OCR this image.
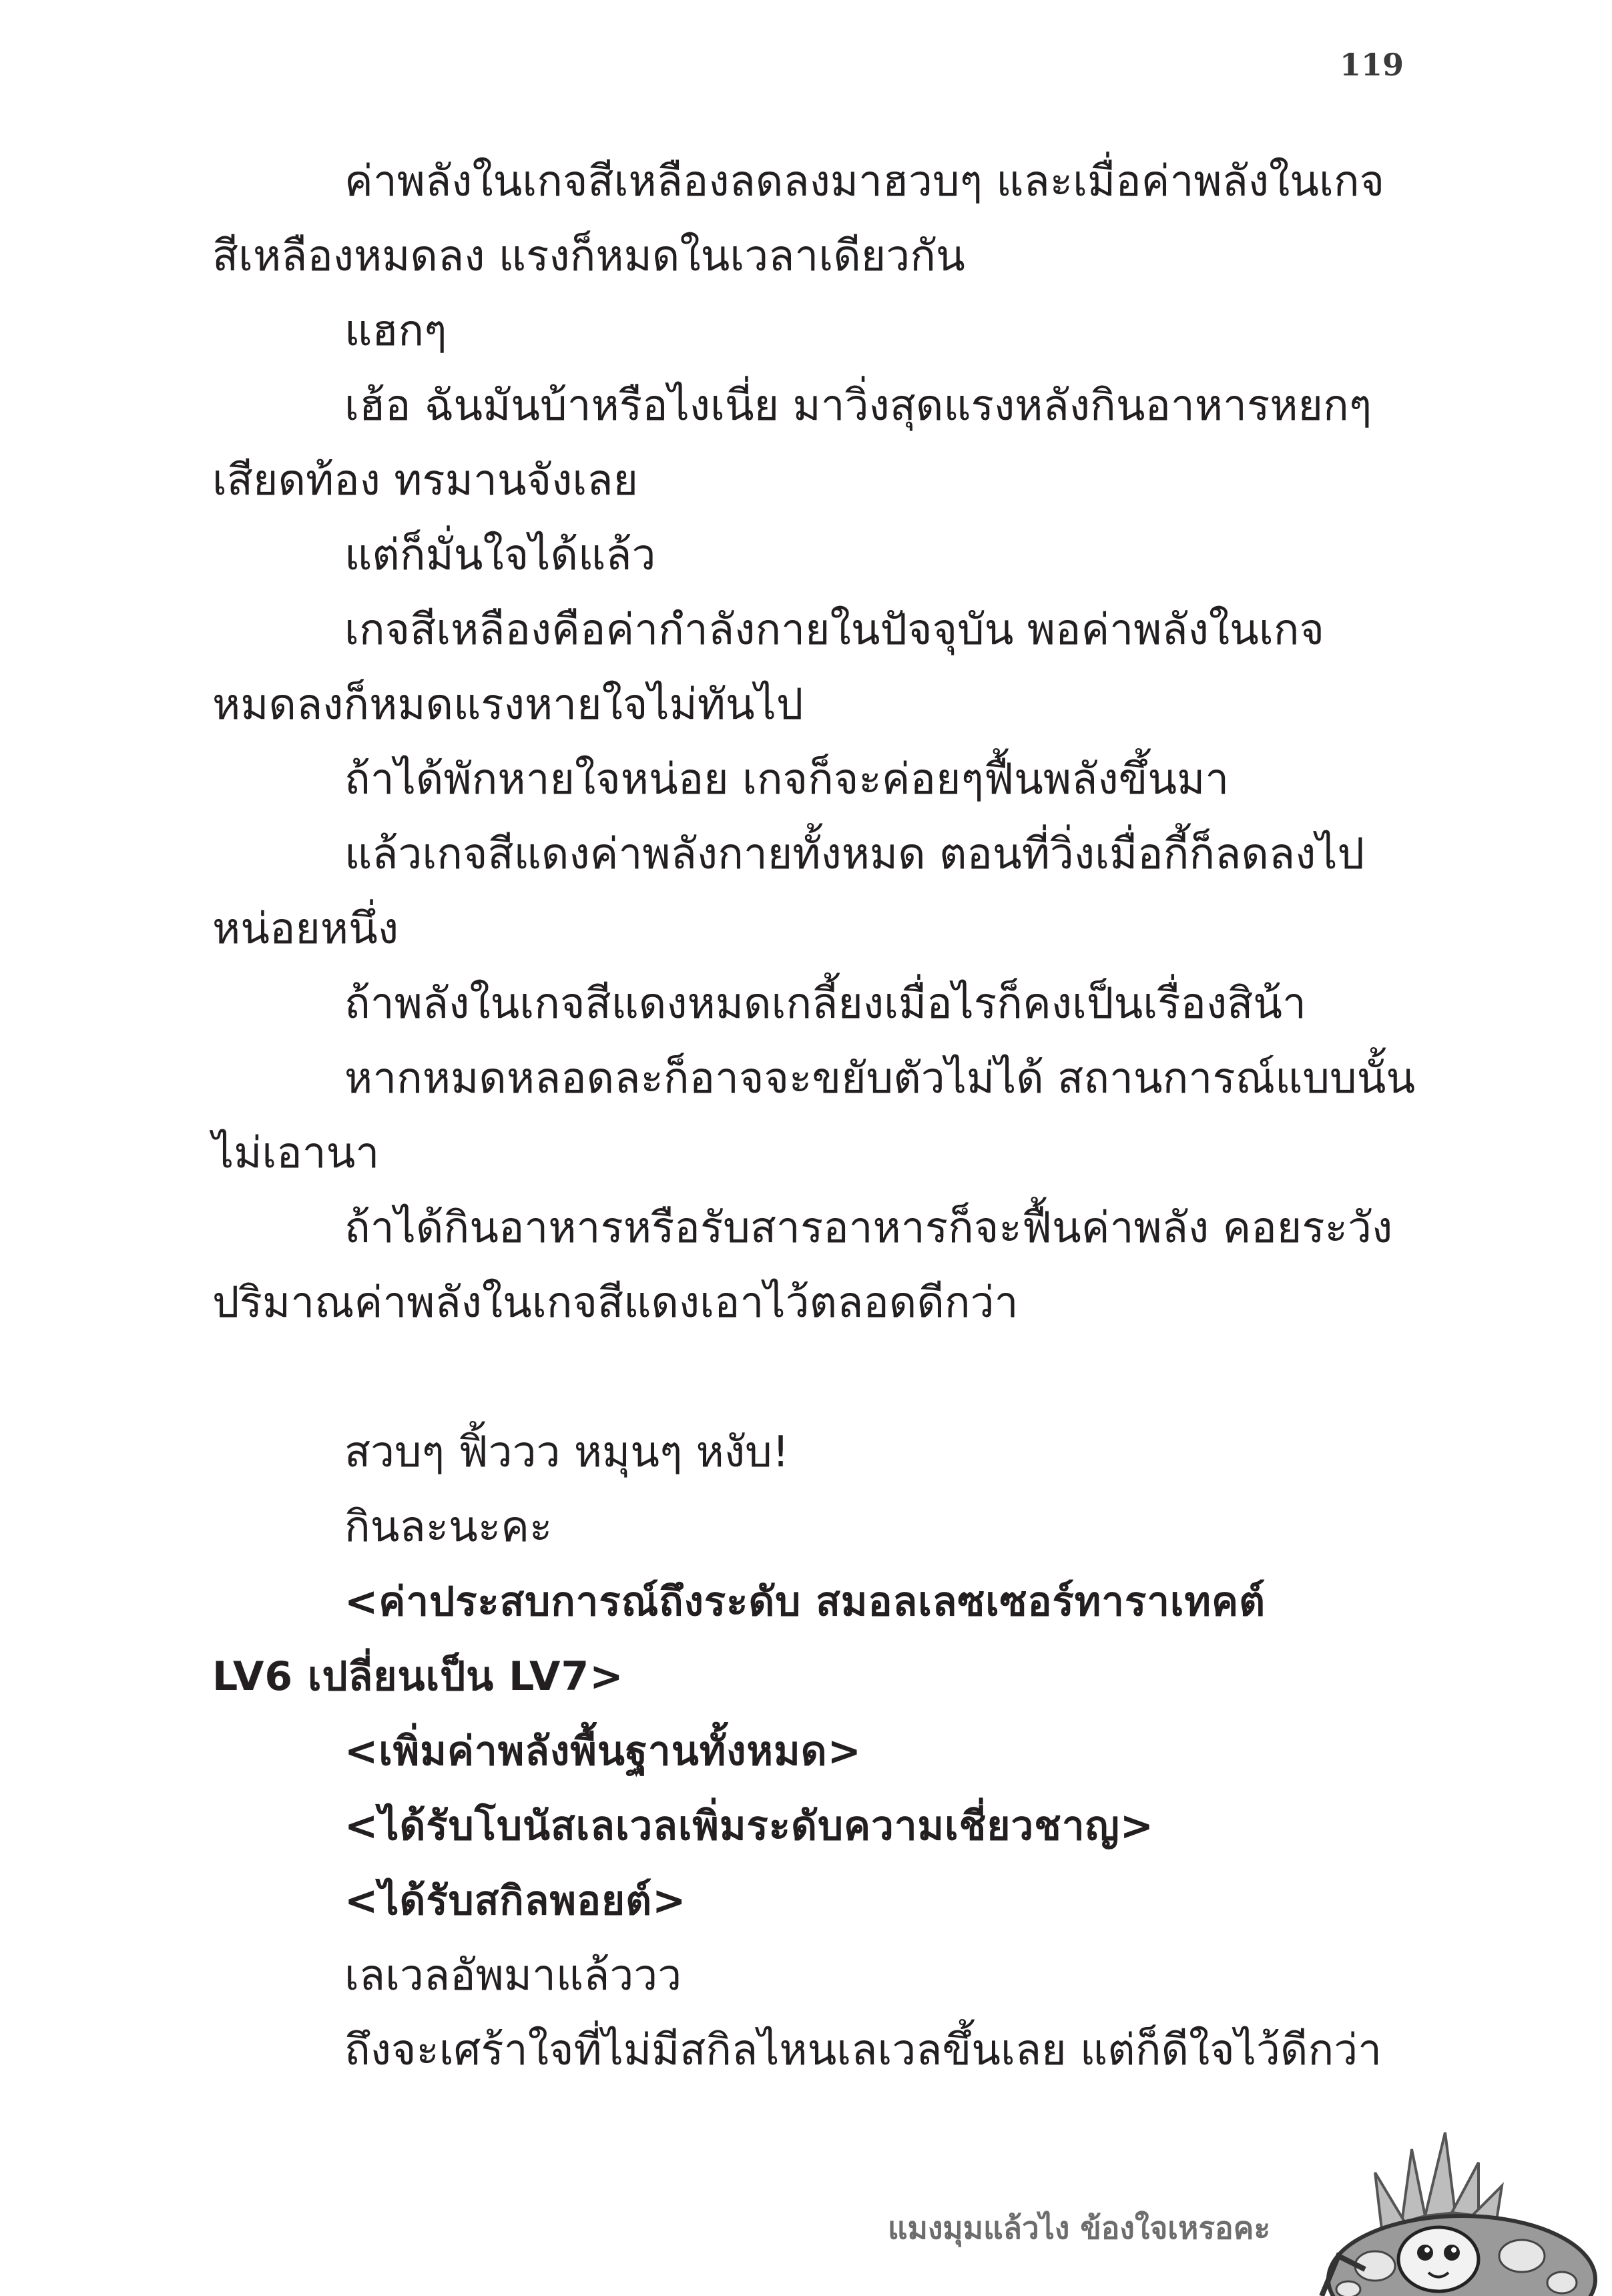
119
ค่าพลังในเกจสีเหลืองลดลงมาฮวบๆ และเมื่อค่าพลังในเกจ
สีเหลืองหมดลง แรงก็หมดในเวลาเดียวกัน
แฮกๆ
เฮ้อ ฉันมันบ้าหรือไงเนี่ย มาวิ่งสุดแรงหลังกินอาหารหยกๆ
เสียดท้อง ทรมานจังเลย
แต่ก็มั่นใจได้แล้ว
เกจสีเหลืองคือค่ากำลังกายในปัจจุบัน พอค่าพลังในเกจ
หมดลงก็หมดแรงหายใจไม่ทันไป
ถ้าได้พักหายใจหน่อย เกจก็จะค่อยๆฟื้นพลังขึ้นมา
แล้วเกจสีแดงค่าพลังกายทั้งหมด ตอนที่วิ่งเมื่อกี้ก็ลดลงไป
หน่อยหนึ่ง
ถ้าพลังในเกจสีแดงหมดเกลี้ยงเมื่อไรก็คงเป็นเรื่องสิน้า
หากหมดหลอดละก็อาจจะขยับตัวไม่ได้ สถานการณ์แบบนั้น
ไม่เอานา
ถ้าได้กินอาหารหรือรับสารอาหารก็จะฟื้นค่าพลัง คอยระวัง
ปริมาณค่าพลังในเกจสีแดงเอาไว้ตลอดดีกว่า
สวบๆ ฟิ้ววว หมุนๆ หงับ!
กินละนะคะ
<ค่าประสบการณ์ถึงระดับ สมอลเลซเซอร์ทาราเทคต์
LV6 เปลี่ยนเป็น LV7>
<เพิ่มค่าพลังพื้นฐานทั้งหมด>
<ได้รับโบนัสเลเวลเพิ่มระดับความเชี่ยวชาญ>
<ได้รับสกิลพอยต์>
เลเวลอัพมาแล้ววว
ถึงจะเศร้าใจที่ไม่มีสกิลไหนเลเวลขึ้นเลย แต่ก็ดีใจไว้ดีกว่า
แมงมุมแล้วไง ข้องใจเหรอคะ
